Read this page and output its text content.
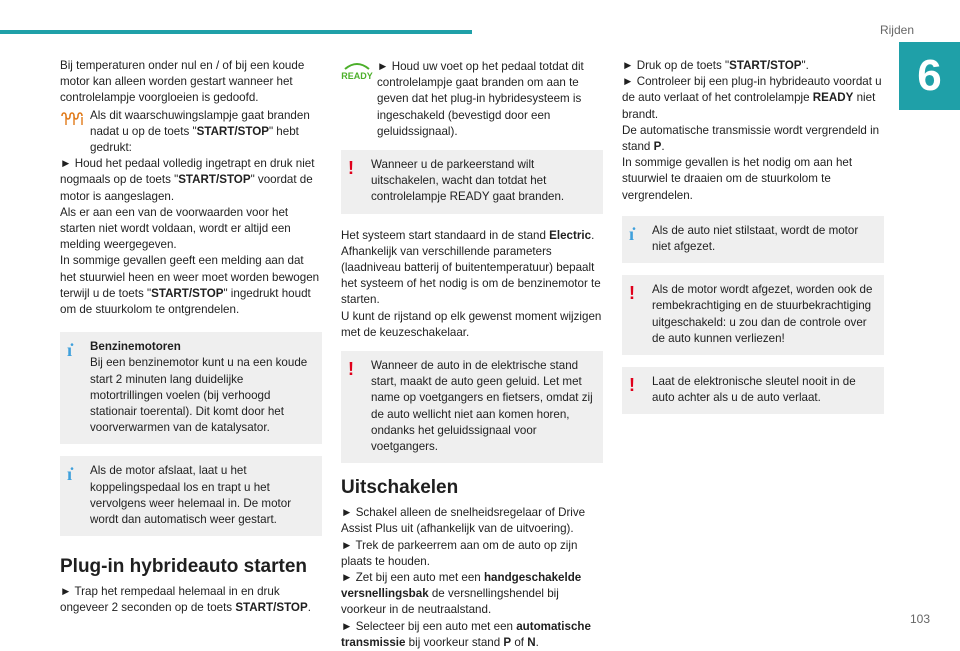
Rijden
6
103

Bij temperaturen onder nul en / of bij een koude motor kan alleen worden gestart wanneer het controlelampje voorgloeien is gedoofd.

Als dit waarschuwingslampje gaat branden nadat u op de toets "START/STOP" hebt gedrukt:

► Houd het pedaal volledig ingetrapt en druk niet nogmaals op de toets "START/STOP" voordat de motor is aangeslagen.

Als er aan een van de voorwaarden voor het starten niet wordt voldaan, wordt er altijd een melding weergegeven.

In sommige gevallen geeft een melding aan dat het stuurwiel heen en weer moet worden bewogen terwijl u de toets "START/STOP" ingedrukt houdt om de stuurkolom te ontgrendelen.

ı̇	Benzinemotoren
Bij een benzinemotor kunt u na een koude start 2 minuten lang duidelijke motortrillingen voelen (bij verhoogd stationair toerental). Dit komt door het voorverwarmen van de katalysator.
ı̇	Als de motor afslaat, laat u het koppelingspedaal los en trapt u het vervolgens weer helemaal in. De motor wordt dan automatisch weer gestart.
Plug-in hybrideauto starten

► Trap het rempedaal helemaal in en druk ongeveer 2 seconden op de toets START/STOP.

READY
► Houd uw voet op het pedaal totdat dit controlelampje gaat branden om aan te geven dat het plug-in hybridesysteem is ingeschakeld (bevestigd door een geluidssignaal).
!	Wanneer u de parkeerstand wilt uitschakelen, wacht dan totdat het controlelampje READY gaat branden.

Het systeem start standaard in de stand Electric.

Afhankelijk van verschillende parameters (laadniveau batterij of buitentemperatuur) bepaalt het systeem of het nodig is om de benzinemotor te starten.

U kunt de rijstand op elk gewenst moment wijzigen met de keuzeschakelaar.

!	Wanneer de auto in de elektrische stand start, maakt de auto geen geluid. Let met name op voetgangers en fietsers, omdat zij de auto wellicht niet aan komen horen, ondanks het geluidssignaal voor voetgangers.
Uitschakelen

► Schakel alleen de snelheidsregelaar of Drive Assist Plus uit (afhankelijk van de uitvoering).

► Trek de parkeerrem aan om de auto op zijn plaats te houden.

► Zet bij een auto met een handgeschakelde versnellingsbak de versnellingshendel bij voorkeur in de neutraalstand.

► Selecteer bij een auto met een automatische transmissie bij voorkeur stand P of N.

► Druk op de toets "START/STOP".

► Controleer bij een plug-in hybrideauto voordat u de auto verlaat of het controlelampje READY niet brandt.

De automatische transmissie wordt vergrendeld in stand P.

In sommige gevallen is het nodig om aan het stuurwiel te draaien om de stuurkolom te vergrendelen.

ı̇	Als de auto niet stilstaat, wordt de motor niet afgezet.
!	Als de motor wordt afgezet, worden ook de rembekrachtiging en de stuurbekrachtiging uitgeschakeld: u zou dan de controle over de auto kunnen verliezen!
!	Laat de elektronische sleutel nooit in de auto achter als u de auto verlaat.
